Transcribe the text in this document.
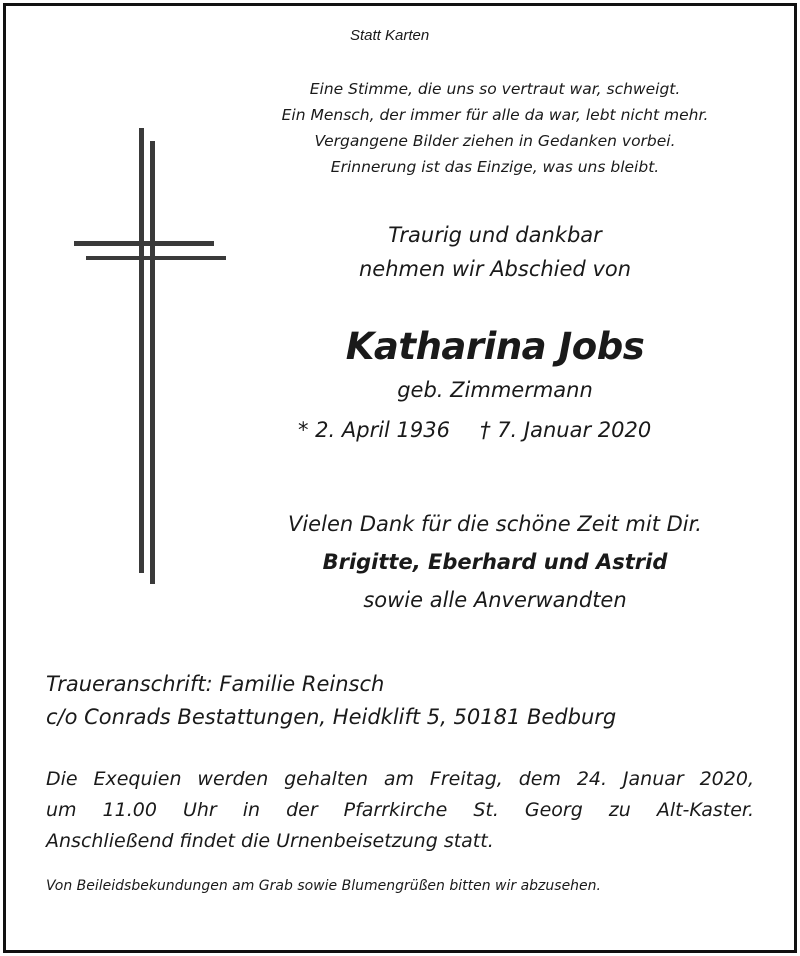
Statt Karten
Eine Stimme, die uns so vertraut war, schweigt.
Ein Mensch, der immer für alle da war, lebt nicht mehr.
Vergangene Bilder ziehen in Gedanken vorbei.
Erinnerung ist das Einzige, was uns bleibt.
Traurig und dankbar
nehmen wir Abschied von
Katharina Jobs
geb. Zimmermann
* 2. April 1936 † 7. Januar 2020
Vielen Dank für die schöne Zeit mit Dir.
Brigitte, Eberhard und Astrid
sowie alle Anverwandten
Traueranschrift: Familie Reinsch
c/o Conrads Bestattungen, Heidklift 5, 50181 Bedburg
Die Exequien werden gehalten am Freitag, dem 24. Januar 2020,
um 11.00 Uhr in der Pfarrkirche St. Georg zu Alt-Kaster.
Anschließend findet die Urnenbeisetzung statt.
Von Beileidsbekundungen am Grab sowie Blumengrüßen bitten wir abzusehen.
